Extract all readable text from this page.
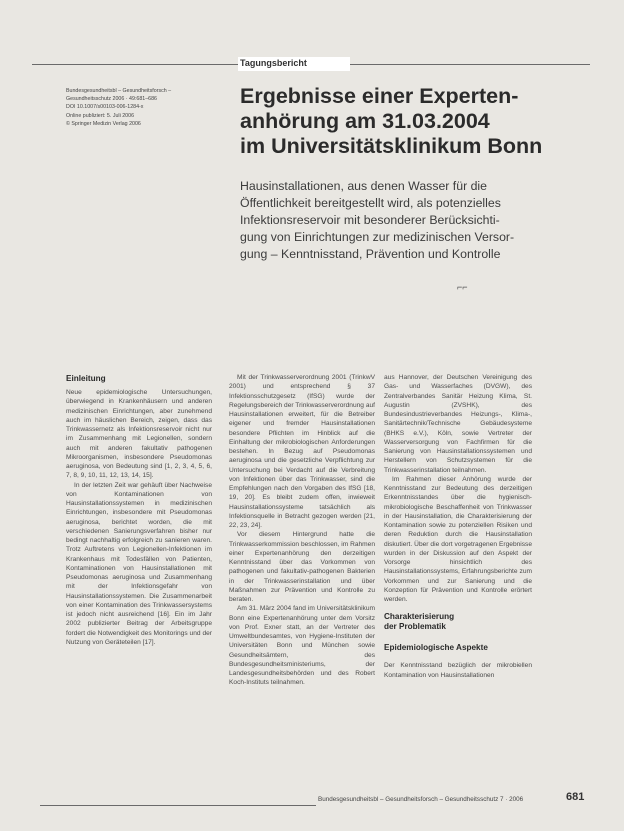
Tagungsbericht
Bundesgesundheitsbl – Gesundheitsforsch –
Gesundheitsschutz 2006 · 49:681–686
DOI 10.1007/s00103-006-1284-x
Online publiziert: 5. Juli 2006
© Springer Medizin Verlag 2006
Ergebnisse einer Experten-
anhörung am 31.03.2004
im Universitätsklinikum Bonn
Hausinstallationen, aus denen Wasser für die
Öffentlichkeit bereitgestellt wird, als potenzielles
Infektionsreservoir mit besonderer Berücksichti-
gung von Einrichtungen zur medizinischen Versor-
gung – Kenntnisstand, Prävention und Kontrolle
⌐⌐
Einleitung

Neue epidemiologische Untersuchungen, überwiegend in Krankenhäusern und anderen medizinischen Einrichtungen, aber zunehmend auch im häuslichen Bereich, zeigen, dass das Trinkwassernetz als Infektionsreservoir nicht nur im Zusammenhang mit Legionellen, sondern auch mit anderen fakultativ pathogenen Mikroorganismen, insbesondere Pseudomonas aeruginosa, von Bedeutung sind [1, 2, 3, 4, 5, 6, 7, 8, 9, 10, 11, 12, 13, 14, 15].

In der letzten Zeit war gehäuft über Nachweise von Kontaminationen von Hausinstallationssystemen in medizinischen Einrichtungen, insbesondere mit Pseudomonas aeruginosa, berichtet worden, die mit verschiedenen Sanierungsverfahren bisher nur bedingt nachhaltig erfolgreich zu sanieren waren. Trotz Auftretens von Legionellen-Infektionen im Krankenhaus mit Todesfällen von Patienten, Kontaminationen von Hausinstallationen mit Pseudomonas aeruginosa und Zusammenhang mit der Infektionsgefahr von Hausinstallationssystemen. Die Zusammenarbeit von einer Kontamination des Trinkwassersystems ist jedoch nicht ausreichend [16]. Ein im Jahr 2002 publizierter Beitrag der Arbeitsgruppe fordert die Notwendigkeit des Monitorings und der Nutzung von Geräteteilen [17].

Mit der Trinkwasserverordnung 2001 (TrinkwV 2001) und entsprechend § 37 Infektionsschutzgesetz (IfSG) wurde der Regelungsbereich der Trinkwasserverordnung auf Hausinstallationen erweitert, für die Betreiber eigener und fremder Hausinstallationen besondere Pflichten im Hinblick auf die Einhaltung der mikrobiologischen Anforderungen bestehen. In Bezug auf Pseudomonas aeruginosa und die gesetzliche Verpflichtung zur Untersuchung bei Verdacht auf die Verbreitung von Infektionen über das Trinkwasser, sind die Empfehlungen nach den Vorgaben des IfSG [18, 19, 20]. Es bleibt zudem offen, inwieweit Hausinstallationssysteme tatsächlich als Infektionsquelle in Betracht gezogen werden [21, 22, 23, 24].

Vor diesem Hintergrund hatte die Trinkwasserkommission beschlossen, im Rahmen einer Expertenanhörung den derzeitigen Kenntnisstand über das Vorkommen von pathogenen und fakultativ-pathogenen Bakterien in der Trinkwasserinstallation und über Maßnahmen zur Prävention und Kontrolle zu beraten.

Am 31. März 2004 fand im Universitätsklinikum Bonn eine Expertenanhörung unter dem Vorsitz von Prof. Exner statt, an der Vertreter des Umweltbundesamtes, von Hygiene-Instituten der Universitäten Bonn und München sowie Gesundheitsämtern, des Bundesgesundheitsministeriums, der Landesgesundheitsbehörden und des Robert Koch-Instituts teilnahmen.

aus Hannover, der Deutschen Vereinigung des Gas- und Wasserfaches (DVGW), des Zentralverbandes Sanitär Heizung Klima, St. Augustin (ZVSHK), des Bundesindustrieverbandes Heizungs-, Klima-, Sanitärtechnik/Technische Gebäudesysteme (BHKS e.V.), Köln, sowie Vertreter der Wasserversorgung von Fachfirmen für die Sanierung von Hausinstallationssystemen und Herstellern von Schutzsystemen für die Trinkwasserinstallation teilnahmen.

Im Rahmen dieser Anhörung wurde der Kenntnisstand zur Bedeutung des derzeitigen Erkenntnisstandes über die hygienisch-mikrobiologische Beschaffenheit von Trinkwasser in der Hausinstallation, die Charakterisierung der Kontamination sowie zu potenziellen Risiken und deren Reduktion durch die Hausinstallation diskutiert. Über die dort vorgetragenen Ergebnisse wurden in der Diskussion auf den Aspekt der Vorsorge hinsichtlich des Hausinstallationssystems, Erfahrungsberichte zum Vorkommen und zur Sanierung und die Konzeption für Prävention und Kontrolle erörtert werden.

Charakterisierung
der Problematik
Epidemiologische Aspekte

Der Kenntnisstand bezüglich der mikrobiellen Kontamination von Hausinstallationen

Bundesgesundheitsbl – Gesundheitsforsch – Gesundheitsschutz 7 · 2006	681
